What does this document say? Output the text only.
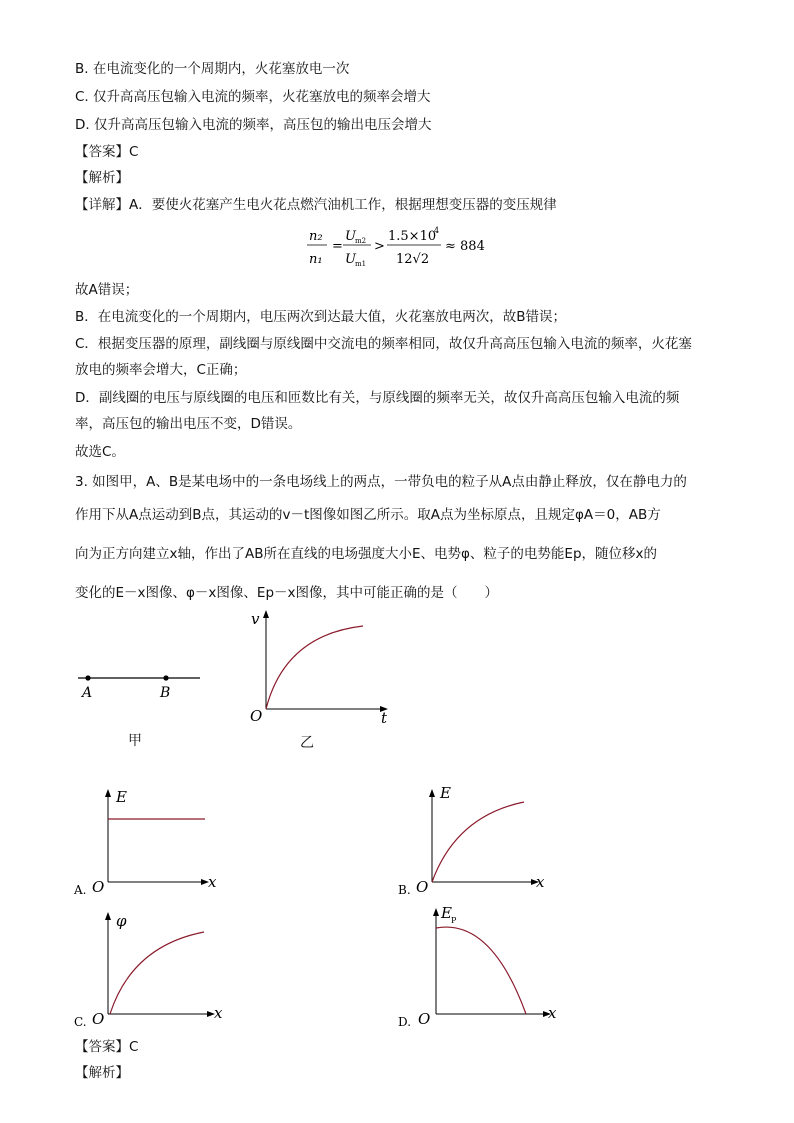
B. 在电流变化的一个周期内，火花塞放电一次
C. 仅升高高压包输入电流的频率，火花塞放电的频率会增大
D. 仅升高高压包输入电流的频率，高压包的输出电压会增大
【答案】C
【解析】
【详解】A．要使火花塞产生电火花点燃汽油机工作，根据理想变压器的变压规律
n₂
n₁
=
U m2
U m1
>
1.5×10
4
12√2
≈ 884
故A错误；
B．在电流变化的一个周期内，电压两次到达最大值，火花塞放电两次，故B错误；
C．根据变压器的原理，副线圈与原线圈中交流电的频率相同，故仅升高高压包输入电流的频率，火花塞
放电的频率会增大，C正确；
D．副线圈的电压与原线圈的电压和匝数比有关，与原线圈的频率无关，故仅升高高压包输入电流的频
率，高压包的输出电压不变，D错误。
故选C。
3. 如图甲，A、B是某电场中的一条电场线上的两点，一带负电的粒子从A点由静止释放，仅在静电力的
作用下从A点运动到B点，其运动的v－t图像如图乙所示。取A点为坐标原点，且规定φA＝0，AB方
向为正方向建立x轴，作出了AB所在直线的电场强度大小E、电势φ、粒子的电势能Ep，随位移x的
变化的E－x图像、φ－x图像、Ep－x图像，其中可能正确的是（　　）
A	B
甲
v
O	t
乙
E
O	x
A.
E
O	x
B.
φ
O	x
C.
E P
O	x
D.
【答案】C
【解析】
